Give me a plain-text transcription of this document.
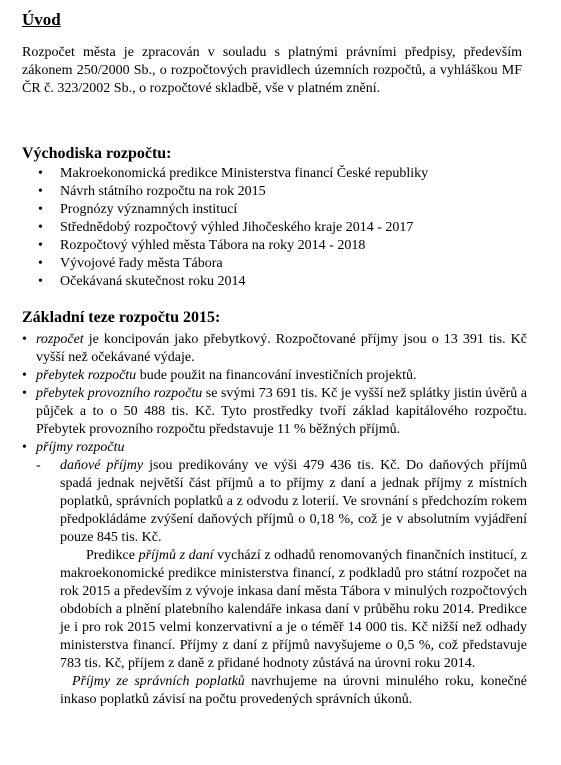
Úvod

Rozpočet města je zpracován v souladu s platnými právními předpisy, především zákonem 250/2000 Sb., o rozpočtových pravidlech územních rozpočtů, a vyhláškou MF ČR č. 323/2002 Sb., o rozpočtové skladbě, vše v platném znění.

Východiska rozpočtu:
• Makroekonomická predikce Ministerstva financí České republiky
• Návrh státního rozpočtu na rok 2015
• Prognózy významných institucí
• Střednědobý rozpočtový výhled Jihočeského kraje 2014 - 2017
• Rozpočtový výhled města Tábora na roky 2014 - 2018
• Vývojové řady města Tábora
• Očekávaná skutečnost roku 2014
Základní teze rozpočtu 2015:
• rozpočet je koncipován jako přebytkový. Rozpočtované příjmy jsou o 13 391 tis. Kč vyšší než očekávané výdaje.
• přebytek rozpočtu bude použit na financování investičních projektů.
• přebytek provozního rozpočtu se svými 73 691 tis. Kč je vyšší než splátky jistin úvěrů a půjček a to o 50 488 tis. Kč. Tyto prostředky tvoří základ kapitálového rozpočtu. Přebytek provozního rozpočtu představuje 11 % běžných příjmů.
• příjmy rozpočtu
- daňové příjmy jsou predikovány ve výši 479 436 tis. Kč. Do daňových příjmů spadá jednak největší část příjmů a to příjmy z daní a jednak příjmy z místních poplatků, správních poplatků a z odvodu z loterií. Ve srovnání s předchozím rokem předpokládáme zvýšení daňových příjmů o 0,18 %, což je v absolutním vyjádření pouze 845 tis. Kč.
Predikce příjmů z daní vychází z odhadů renomovaných finančních institucí, z makroekonomické predikce ministerstva financí, z podkladů pro státní rozpočet na rok 2015 a především z vývoje inkasa daní města Tábora v minulých rozpočtových obdobích a plnění platebního kalendáře inkasa daní v průběhu roku 2014. Predikce je i pro rok 2015 velmi konzervativní a je o téměř 14 000 tis. Kč nižší než odhady ministerstva financí. Příjmy z daní z příjmů navyšujeme o 0,5 %, což představuje 783 tis. Kč, příjem z daně z přidané hodnoty zůstává na úrovni roku 2014.
Příjmy ze správních poplatků navrhujeme na úrovni minulého roku, konečné inkaso poplatků závisí na počtu provedených správních úkonů.
